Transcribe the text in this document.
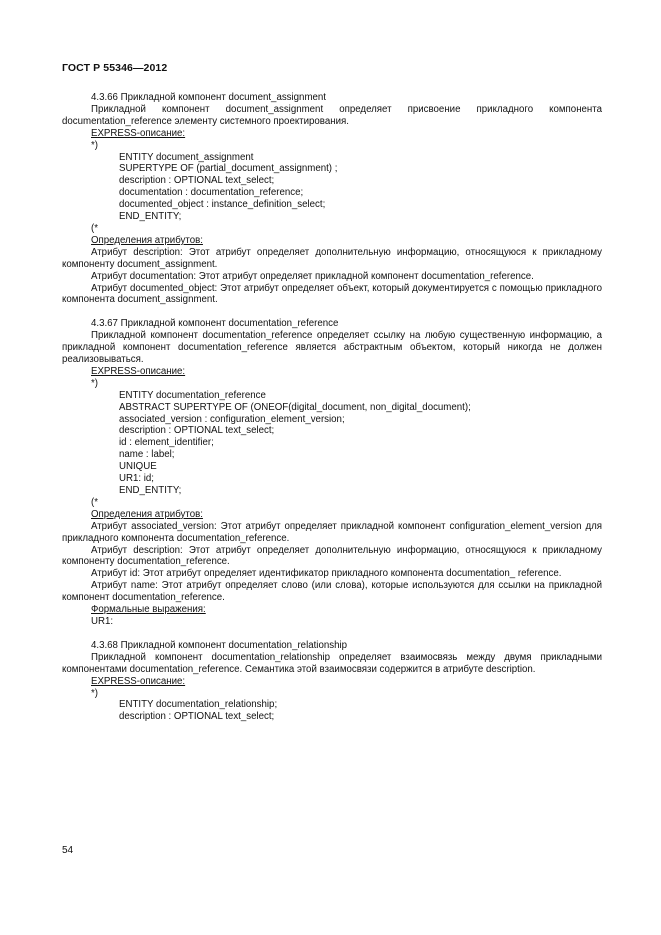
ГОСТ Р 55346—2012

4.3.66 Прикладной компонент document_assignment

Прикладной компонент document_assignment определяет присвоение прикладного компонента documentation_reference элементу системного проектирования.

EXPRESS-описание:
*)
ENTITY document_assignment
SUPERTYPE OF (partial_document_assignment) ;
description : OPTIONAL text_select;
documentation : documentation_reference;
documented_object : instance_definition_select;
END_ENTITY;
(*
Определения атрибутов:

Атрибут description: Этот атрибут определяет дополнительную информацию, относящуюся к прикладному компоненту document_assignment.

Атрибут documentation: Этот атрибут определяет прикладной компонент documentation_reference.

Атрибут documented_object: Этот атрибут определяет объект, который документируется с помощью прикладного компонента document_assignment.

4.3.67 Прикладной компонент documentation_reference

Прикладной компонент documentation_reference определяет ссылку на любую существенную информацию, а прикладной компонент documentation_reference является абстрактным объектом, который никогда не должен реализовываться.

EXPRESS-описание:
*)
ENTITY documentation_reference
ABSTRACT SUPERTYPE OF (ONEOF(digital_document, non_digital_document);
associated_version : configuration_element_version;
description : OPTIONAL text_select;
id : element_identifier;
name : label;
UNIQUE
UR1: id;
END_ENTITY;
(*
Определения атрибутов:

Атрибут associated_version: Этот атрибут определяет прикладной компонент configuration_element_version для прикладного компонента documentation_reference.

Атрибут description: Этот атрибут определяет дополнительную информацию, относящуюся к прикладному компоненту documentation_reference.

Атрибут id: Этот атрибут определяет идентификатор прикладного компонента documentation_ reference.

Атрибут name: Этот атрибут определяет слово (или слова), которые используются для ссылки на прикладной компонент documentation_reference.

Формальные выражения:
UR1:

4.3.68 Прикладной компонент documentation_relationship

Прикладной компонент documentation_relationship определяет взаимосвязь между двумя прикладными компонентами documentation_reference. Семантика этой взаимосвязи содержится в атрибуте description.

EXPRESS-описание:
*)
ENTITY documentation_relationship;
description : OPTIONAL text_select;
54
